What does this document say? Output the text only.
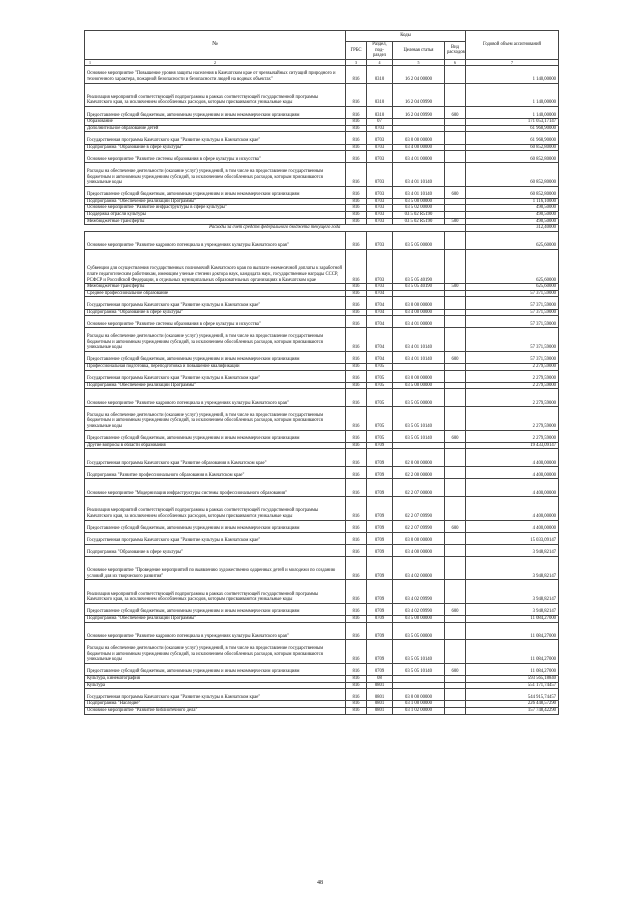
№	Коды				Годовой объем ассигнований
	ГРБС	Раздел, под-раздел	Целевая статья	Вид расходов	

1 2	3	4	5	6	7
Основное мероприятие "Повышение уровня защиты населения в Камчатском крае от чрезвычайных ситуаций природного и техногенного характера, пожарной безопасности и безопасности людей на водных объектах"	816	0310	16 2 04 00000		1 140,00000
Реализация мероприятий соответствующей подпрограммы в рамках соответствующей государственной программы Камчатского края, за исключением обособленных расходов, которым присваиваются уникальные коды	816	0310	16 2 04 09990		1 140,00000
Предоставление субсидий бюджетным, автономным учреждениям и иным некоммерческим организациям	816	0310	16 2 04 09990	600	1 140,00000
Образование	816	07			171 053,17147
Дополнительное образование детей	816	0703			61 968,90000
Государственная программа Камчатского края "Развитие культуры в Камчатском крае"	816	0703	03 0 00 00000		61 968,90000
Подпрограмма "Образование в сфере культуры"	816	0703	03 4 00 00000		60 852,80000
Основное мероприятие "Развитие системы образования в сфере культуры и искусства"	816	0703	03 4 01 00000		60 852,80000
Расходы на обеспечение деятельности (оказание услуг) учреждений, в том числе на предоставление государственным бюджетным и автономным учреждениям субсидий, за исключением обособленных расходов, которым присваиваются уникальные коды	816	0703	03 4 01 10140		60 852,80000
Предоставление субсидий бюджетным, автономным учреждениям и иным некоммерческим организациям	816	0703	03 4 01 10140	600	60 852,80000
Подпрограмма "Обеспечение реализации Программы"	816	0703	03 5 00 00000		1 116,10000
Основное мероприятие "Развитие инфраструктуры в сфере культуры"	816	0703	03 5 02 00000		490,50000
Поддержка отрасли культуры	816	0703	03 5 02 R5190		490,50000
Межбюджетные трансферты	816	0703	03 5 02 R5190	500	490,50000
Расходы за счет средств федерального бюджета текущего года					312,40000
Основное мероприятие "Развитие кадрового потенциала в учреждениях культуры Камчатского края"	816	0703	03 5 05 00000		625,60000
Субвенции для осуществления государственных полномочий Камчатского края по выплате ежемесячной доплаты к заработной плате педагогическим работникам, имеющим ученые степени доктора наук, кандидата наук, государственные награды СССР, РСФСР и Российской Федерации, в отдельных муниципальных образовательных организациях в Камчатском крае	816	0703	03 5 05 40190		625,60000
Межбюджетные трансферты	816	0703	03 5 05 40190	500	625,60000
Среднее профессиональное образование	816	0704			57 371,59000
Государственная программа Камчатского края "Развитие культуры в Камчатском крае"	816	0704	03 0 00 00000		57 371,59000
Подпрограмма "Образование в сфере культуры"	816	0704	03 4 00 00000		57 371,59000
Основное мероприятие "Развитие системы образования в сфере культуры и искусства"	816	0704	03 4 01 00000		57 371,59000
Расходы на обеспечение деятельности (оказание услуг) учреждений, в том числе на предоставление государственным бюджетным и автономным учреждениям субсидий, за исключением обособленных расходов, которым присваиваются уникальные коды	816	0704	03 4 01 10140		57 371,59000
Предоставление субсидий бюджетным, автономным учреждениям и иным некоммерческим организациям	816	0704	03 4 01 10140	600	57 371,59000
Профессиональная подготовка, переподготовка и повышение квалификации	816	0705			2 279,59000
Государственная программа Камчатского края "Развитие культуры в Камчатском крае"	816	0705	03 0 00 00000		2 279,59000
Подпрограмма "Обеспечение реализации Программы"	816	0705	03 5 00 00000		2 279,59000
Основное мероприятие "Развитие кадрового потенциала в учреждениях культуры Камчатского края"	816	0705	03 5 05 00000		2 279,59000
Расходы на обеспечение деятельности (оказание услуг) учреждений, в том числе на предоставление государственным бюджетным и автономным учреждениям субсидий, за исключением обособленных расходов, которым присваиваются уникальные коды	816	0705	03 5 05 10140		2 279,59000
Предоставление субсидий бюджетным, автономным учреждениям и иным некоммерческим организациям	816	0705	03 5 05 10140	600	2 279,59000
Другие вопросы в области образования	816	0709			19 433,09147
Государственная программа Камчатского края "Развитие образования в Камчатском крае"	816	0709	02 0 00 00000		4 400,00000
Подпрограмма "Развитие профессионального образования в Камчатском крае"	816	0709	02 2 00 00000		4 400,00000
Основное мероприятие "Модернизация инфраструктуры системы профессионального образования"	816	0709	02 2 07 00000		4 400,00000
Реализация мероприятий соответствующей подпрограммы в рамках соответствующей государственной программы Камчатского края, за исключением обособленных расходов, которым присваиваются уникальные коды	816	0709	02 2 07 09990		4 400,00000
Предоставление субсидий бюджетным, автономным учреждениям и иным некоммерческим организациям	816	0709	02 2 07 09990	600	4 400,00000
Государственная программа Камчатского края "Развитие культуры в Камчатском крае"	816	0709	03 0 00 00000		15 033,09147
Подпрограмма "Образование в сфере культуры"	816	0709	03 4 00 00000		3 948,82147
Основное мероприятие "Проведение мероприятий по выявлению художественно одаренных детей и молодежи по созданию условий для их творческого развития"	816	0709	03 4 02 00000		3 948,82147
Реализация мероприятий соответствующей подпрограммы в рамках соответствующей государственной программы Камчатского края, за исключением обособленных расходов, которым присваиваются уникальные коды	816	0709	03 4 02 09990		3 948,82147
Предоставление субсидий бюджетным, автономным учреждениям и иным некоммерческим организациям	816	0709	03 4 02 09990	600	3 948,82147
Подпрограмма "Обеспечение реализации Программы"	816	0709	03 5 00 00000		11 084,27000
Основное мероприятие "Развитие кадрового потенциала в учреждениях культуры Камчатского края"	816	0709	03 5 05 00000		11 084,27000
Расходы на обеспечение деятельности (оказание услуг) учреждений, в том числе на предоставление государственным бюджетным и автономным учреждениям субсидий, за исключением обособленных расходов, которым присваиваются уникальные коды	816	0709	03 5 05 10140		11 084,27000
Предоставление субсидий бюджетным, автономным учреждениям и иным некоммерческим организациям	816	0709	03 5 05 10140	600	11 084,27000
Культура, кинематография	816	08			593 565,18840
Культура	816	0801			551 171,74457
Государственная программа Камчатского края "Развитие культуры в Камчатском крае"	816	0801	03 0 00 00000		544 915,74457
Подпрограмма "Наследие"	816	0801	03 1 00 00000		226 448,57290
Основное мероприятие "Развитие библиотечного дела"	816	0801	03 1 02 00000		157 748,42290
48
